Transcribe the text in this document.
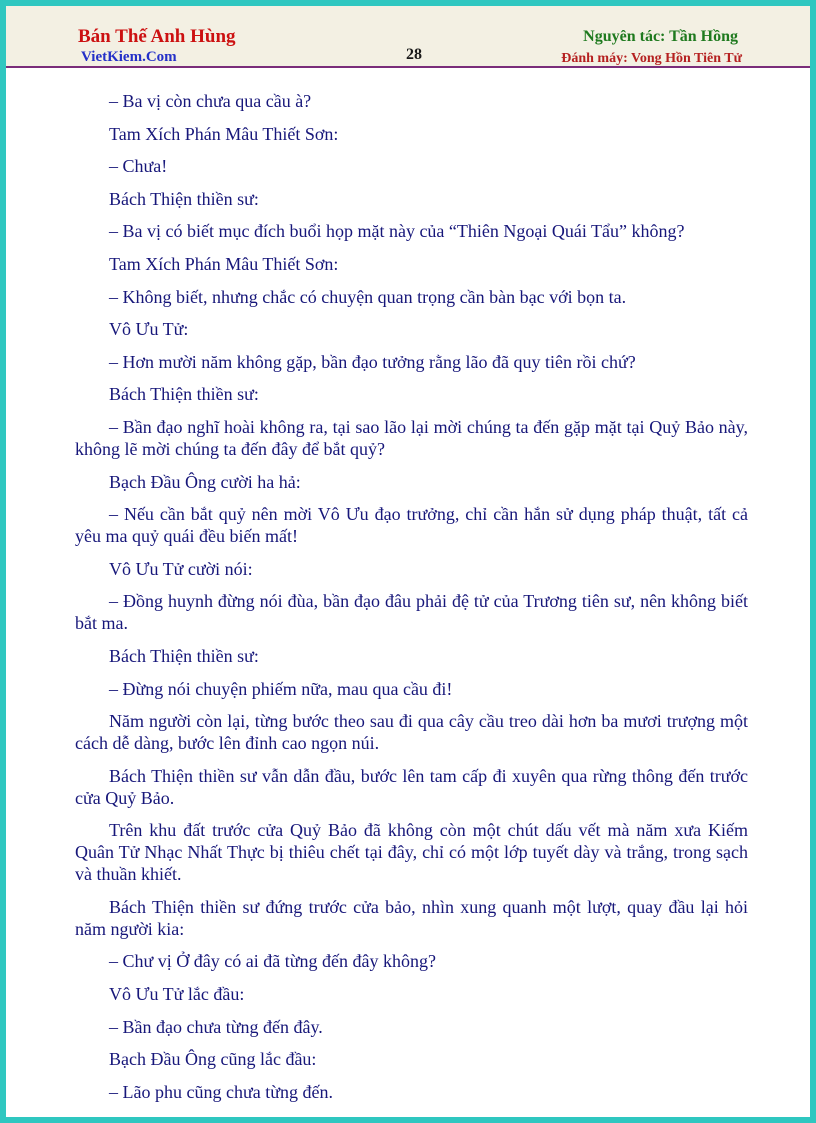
Bán Thế Anh Hùng
VietKiem.Com	28
Nguyên tác: Tần Hồng
Đánh máy: Vong Hồn Tiên Tử

– Ba vị còn chưa qua cầu à?

Tam Xích Phán Mâu Thiết Sơn:

– Chưa!

Bách Thiện thiền sư:

– Ba vị có biết mục đích buổi họp mặt này của “Thiên Ngoại Quái Tẩu” không?

Tam Xích Phán Mâu Thiết Sơn:

– Không biết, nhưng chắc có chuyện quan trọng cần bàn bạc với bọn ta.

Vô Ưu Tử:

– Hơn mười năm không gặp, bần đạo tưởng rằng lão đã quy tiên rồi chứ?

Bách Thiện thiền sư:

– Bần đạo nghĩ hoài không ra, tại sao lão lại mời chúng ta đến gặp mặt tại Quỷ Bảo này, không lẽ mời chúng ta đến đây để bắt quỷ?

Bạch Đầu Ông cười ha hả:

– Nếu cần bắt quỷ nên mời Vô Ưu đạo trưởng, chỉ cần hắn sử dụng pháp thuật, tất cả yêu ma quỷ quái đều biến mất!

Vô Ưu Tử cười nói:

– Đồng huynh đừng nói đùa, bần đạo đâu phải đệ tử của Trương tiên sư, nên không biết bắt ma.

Bách Thiện thiền sư:

– Đừng nói chuyện phiếm nữa, mau qua cầu đi!

Năm người còn lại, từng bước theo sau đi qua cây cầu treo dài hơn ba mươi trượng một cách dễ dàng, bước lên đỉnh cao ngọn núi.

Bách Thiện thiền sư vẫn dẫn đầu, bước lên tam cấp đi xuyên qua rừng thông đến trước cửa Quỷ Bảo.

Trên khu đất trước cửa Quỷ Bảo đã không còn một chút dấu vết mà năm xưa Kiếm Quân Tử Nhạc Nhất Thực bị thiêu chết tại đây, chỉ có một lớp tuyết dày và trắng, trong sạch và thuần khiết.

Bách Thiện thiền sư đứng trước cửa bảo, nhìn xung quanh một lượt, quay đầu lại hỏi năm người kia:

– Chư vị Ở đây có ai đã từng đến đây không?

Vô Ưu Tử lắc đầu:

– Bần đạo chưa từng đến đây.

Bạch Đầu Ông cũng lắc đầu:

– Lão phu cũng chưa từng đến.
